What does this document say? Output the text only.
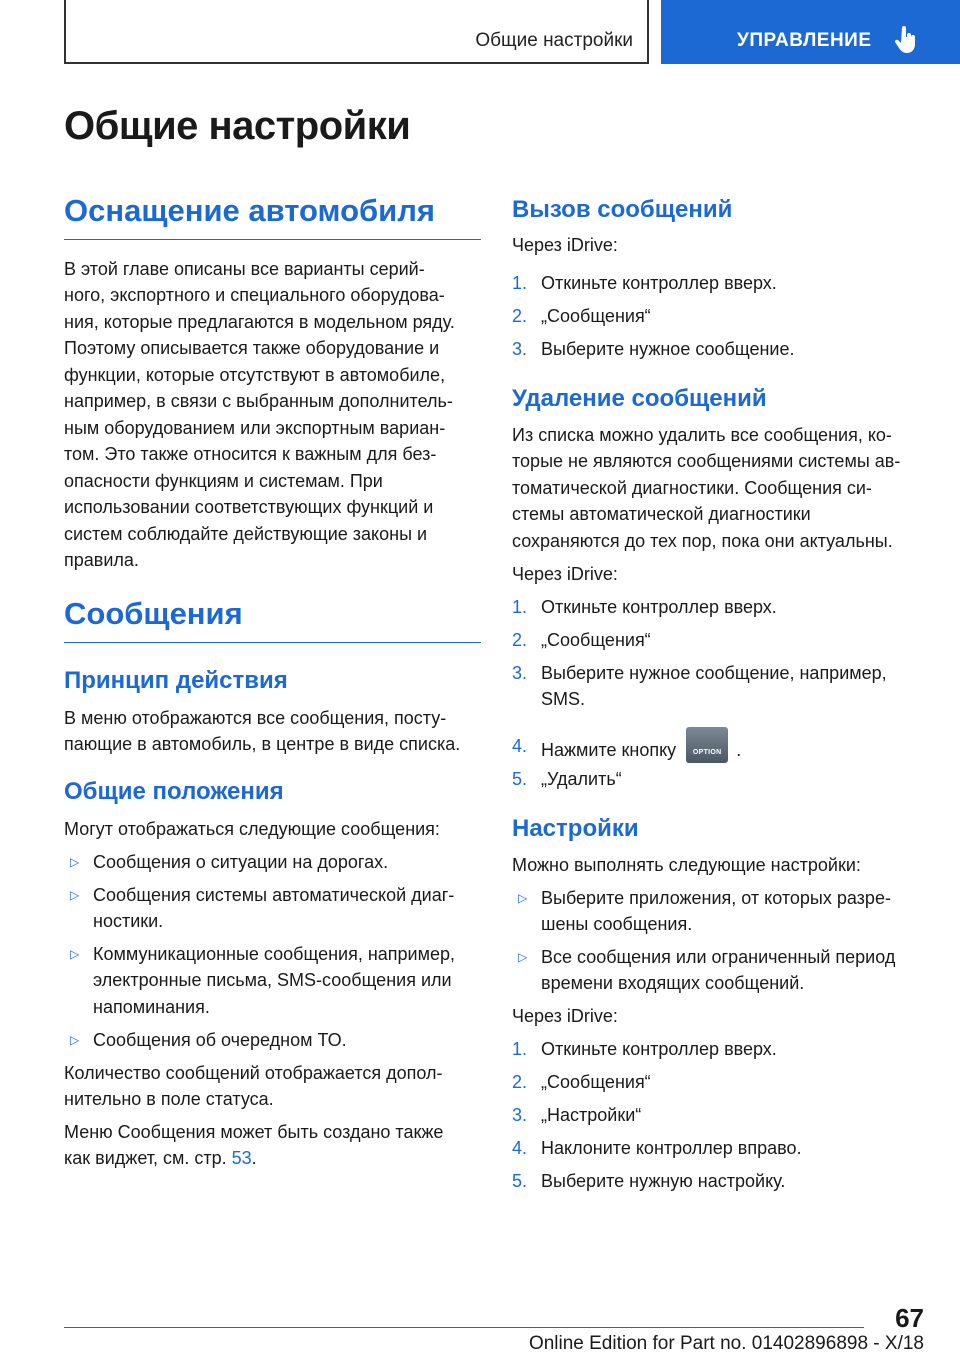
Общие настройки	УПРАВЛЕНИЕ
Общие настройки
Оснащение автомобиля

В этой главе описаны все варианты серий-

ного, экспортного и специального оборудова-

ния, которые предлагаются в модельном ряду.

Поэтому описывается также оборудование и

функции, которые отсутствуют в автомобиле,

например, в связи с выбранным дополнитель-

ным оборудованием или экспортным вариан-

том. Это также относится к важным для без-

опасности функциям и системам. При

использовании соответствующих функций и

систем соблюдайте действующие законы и

правила.

Сообщения
Принцип действия

В меню отображаются все сообщения, посту-

пающие в автомобиль, в центре в виде списка.

Общие положения

Могут отображаться следующие сообщения:

▷ Сообщения о ситуации на дорогах.
▷ Сообщения системы автоматической диаг-
ностики.
▷ Коммуникационные сообщения, например,
электронные письма, SMS-сообщения или
напоминания.
▷ Сообщения об очередном ТО.

Количество сообщений отображается допол-

нительно в поле статуса.

Меню Сообщения может быть создано также

как виджет, см. стр. 53.

Вызов сообщений

Через iDrive:

1. Откиньте контроллер вверх.
2. „Сообщения“
3. Выберите нужное сообщение.
Удаление сообщений

Из списка можно удалить все сообщения, ко-

торые не являются сообщениями системы ав-

томатической диагностики. Сообщения си-

стемы автоматической диагностики

сохраняются до тех пор, пока они актуальны.

Через iDrive:

1. Откиньте контроллер вверх.
2. „Сообщения“
3. Выберите нужное сообщение, например,
SMS.
4. Нажмите кнопку	OPTION .
5. „Удалить“
Настройки

Можно выполнять следующие настройки:

▷ Выберите приложения, от которых разре-
шены сообщения.
▷ Все сообщения или ограниченный период
времени входящих сообщений.

Через iDrive:

1. Откиньте контроллер вверх.
2. „Сообщения“
3. „Настройки“
4. Наклоните контроллер вправо.
5. Выберите нужную настройку.
67
Online Edition for Part no. 01402896898 - X/18
